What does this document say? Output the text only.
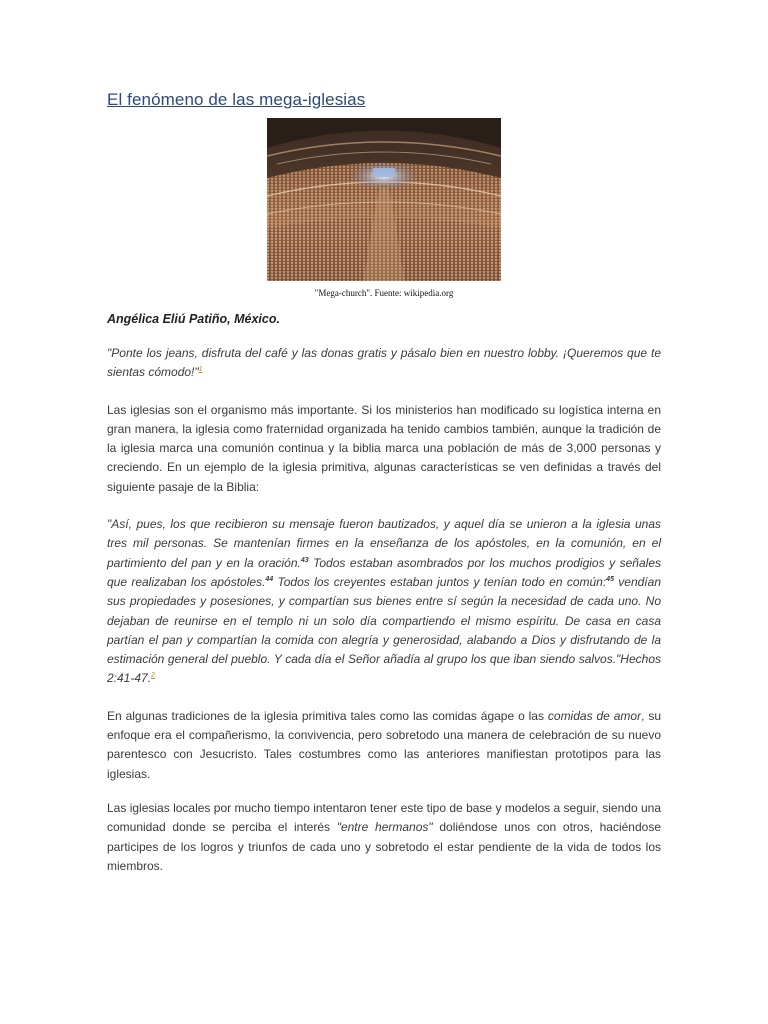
El fenómeno de las mega-iglesias
"Mega-church". Fuente: wikipedia.org
Angélica Eliú Patiño, México.

"Ponte los jeans, disfruta del café y las donas gratis y pásalo bien en nuestro lobby. ¡Queremos que te sientas cómodo!"$^1$

Las iglesias son el organismo más importante. Si los ministerios han modificado su logística interna en gran manera, la iglesia como fraternidad organizada ha tenido cambios también, aunque la tradición de la iglesia marca una comunión continua y la biblia marca una población de más de 3,000 personas y creciendo. En un ejemplo de la iglesia primitiva, algunas características se ven definidas a través del siguiente pasaje de la Biblia:

"Así, pues, los que recibieron su mensaje fueron bautizados, y aquel día se unieron a la iglesia unas tres mil personas. Se mantenían firmes en la enseñanza de los apóstoles, en la comunión, en el partimiento del pan y en la oración.$^{43}$ Todos estaban asombrados por los muchos prodigios y señales que realizaban los apóstoles.$^{44}$ Todos los creyentes estaban juntos y tenían todo en común:$^{45}$ vendían sus propiedades y posesiones, y compartían sus bienes entre sí según la necesidad de cada uno. No dejaban de reunirse en el templo ni un solo día compartiendo el mismo espíritu. De casa en casa partían el pan y compartían la comida con alegría y generosidad, alabando a Dios y disfrutando de la estimación general del pueblo. Y cada día el Señor añadía al grupo los que iban siendo salvos."Hechos 2:41-47.$^2$

En algunas tradiciones de la iglesia primitiva tales como las comidas ágape o las comidas de amor, su enfoque era el compañerismo, la convivencia, pero sobretodo una manera de celebración de su nuevo parentesco con Jesucristo. Tales costumbres como las anteriores manifiestan prototipos para las iglesias.

Las iglesias locales por mucho tiempo intentaron tener este tipo de base y modelos a seguir, siendo una comunidad donde se perciba el interés "entre hermanos" doliéndose unos con otros, haciéndose participes de los logros y triunfos de cada uno y sobretodo el estar pendiente de la vida de todos los miembros.
